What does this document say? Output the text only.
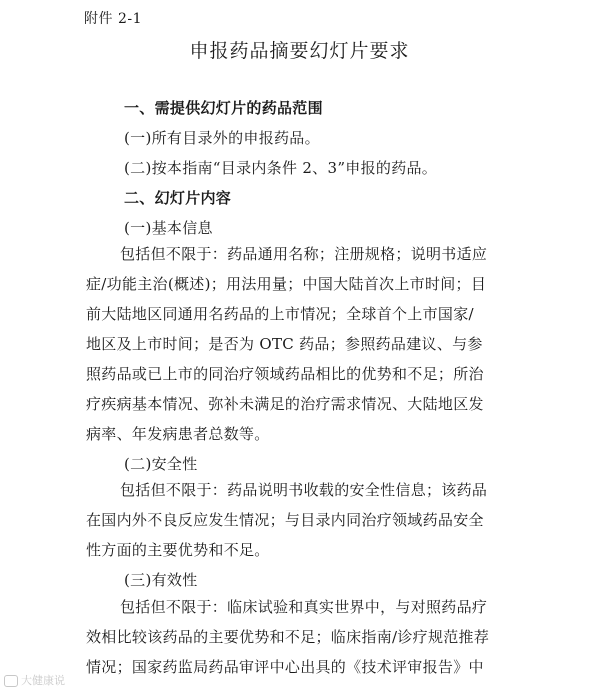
附件 2-1
申报药品摘要幻灯片要求
一、需提供幻灯片的药品范围
(一)所有目录外的申报药品。
(二)按本指南“目录内条件 2、3”申报的药品。
二、幻灯片内容
(一)基本信息
包括但不限于：药品通用名称；注册规格；说明书适应
症/功能主治(概述)；用法用量；中国大陆首次上市时间；目
前大陆地区同通用名药品的上市情况；全球首个上市国家/
地区及上市时间；是否为 OTC 药品；参照药品建议、与参
照药品或已上市的同治疗领域药品相比的优势和不足；所治
疗疾病基本情况、弥补未满足的治疗需求情况、大陆地区发
病率、年发病患者总数等。
(二)安全性
包括但不限于：药品说明书收载的安全性信息；该药品
在国内外不良反应发生情况；与目录内同治疗领域药品安全
性方面的主要优势和不足。
(三)有效性
包括但不限于：临床试验和真实世界中，与对照药品疗
效相比较该药品的主要优势和不足；临床指南/诊疗规范推荐
情况；国家药监局药品审评中心出具的《技术评审报告》中
大健康说
